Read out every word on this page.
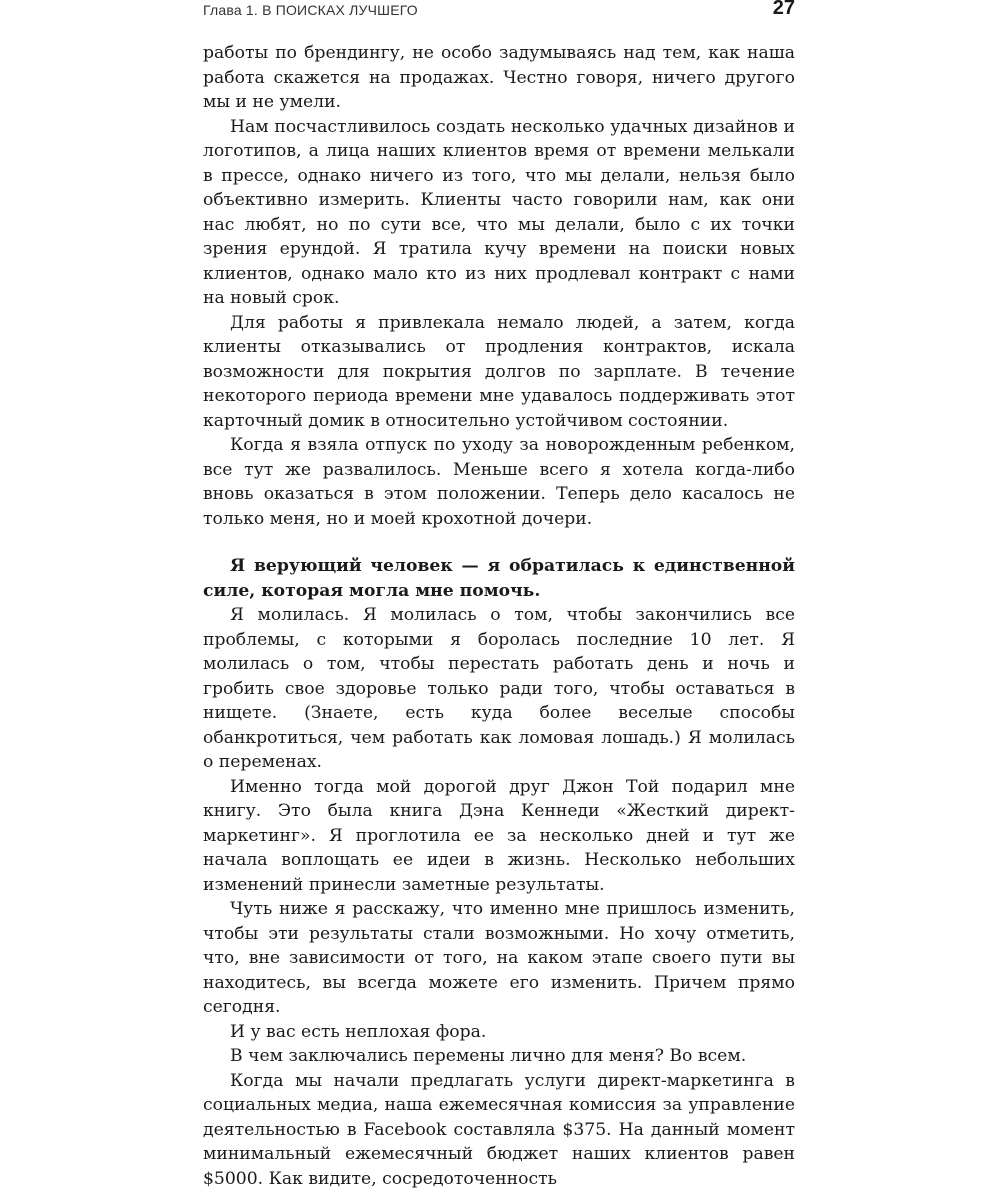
Глава 1. В ПОИСКАХ ЛУЧШЕГО	27

работы по брендингу, не особо задумываясь над тем, как наша работа скажется на продажах. Честно говоря, ничего другого мы и не умели.

Нам посчастливилось создать несколько удачных дизайнов и логотипов, а лица наших клиентов время от времени мелькали в прессе, однако ничего из того, что мы делали, нельзя было объективно измерить. Клиенты часто говорили нам, как они нас любят, но по сути все, что мы делали, было с их точки зрения ерундой. Я тратила кучу времени на поиски новых клиентов, однако мало кто из них продлевал контракт с нами на новый срок.

Для работы я привлекала немало людей, а затем, когда клиенты отказывались от продления контрактов, искала возможности для покрытия долгов по зарплате. В течение некоторого периода времени мне удавалось поддерживать этот карточный домик в относительно устойчивом состоянии.

Когда я взяла отпуск по уходу за новорожденным ребенком, все тут же развалилось. Меньше всего я хотела когда-либо вновь оказаться в этом положении. Теперь дело касалось не только меня, но и моей крохотной дочери.

Я верующий человек — я обратилась к единственной силе, которая могла мне помочь.

Я молилась. Я молилась о том, чтобы закончились все проблемы, с которыми я боролась последние 10 лет. Я молилась о том, чтобы перестать работать день и ночь и гробить свое здоровье только ради того, чтобы оставаться в нищете. (Знаете, есть куда более веселые способы обанкротиться, чем работать как ломовая лошадь.) Я молилась о переменах.

Именно тогда мой дорогой друг Джон Той подарил мне книгу. Это была книга Дэна Кеннеди «Жесткий директ-маркетинг». Я проглотила ее за несколько дней и тут же начала воплощать ее идеи в жизнь. Несколько небольших изменений принесли заметные результаты.

Чуть ниже я расскажу, что именно мне пришлось изменить, чтобы эти результаты стали возможными. Но хочу отметить, что, вне зависимости от того, на каком этапе своего пути вы находитесь, вы всегда можете его изменить. Причем прямо сегодня.

И у вас есть неплохая фора.

В чем заключались перемены лично для меня? Во всем.

Когда мы начали предлагать услуги директ-маркетинга в социальных медиа, наша ежемесячная комиссия за управление деятельностью в Facebook составляла $375. На данный момент минимальный ежемесячный бюджет наших клиентов равен $5000. Как видите, сосредоточенность
